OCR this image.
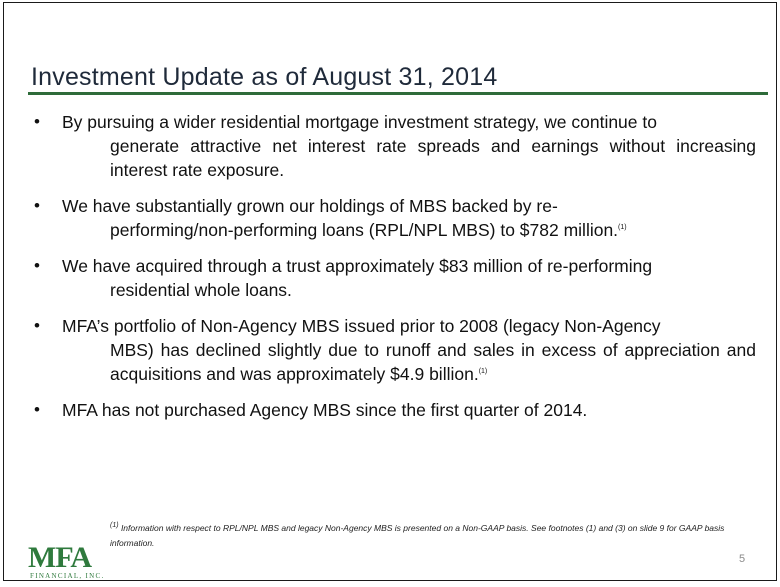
Investment Update as of August 31, 2014
• By pursuing a wider residential mortgage investment strategy, we continue to
generate attractive net interest rate spreads and earnings without increasing interest rate exposure.
• We have substantially grown our holdings of MBS backed by re-
performing/non-performing loans (RPL/NPL MBS) to $782 million.$^{(1)}$
• We have acquired through a trust approximately $83 million of re-performing
residential whole loans.
• MFA’s portfolio of Non-Agency MBS issued prior to 2008 (legacy Non-Agency
MBS) has declined slightly due to runoff and sales in excess of appreciation and acquisitions and was approximately $4.9 billion.$^{(1)}$
• MFA has not purchased Agency MBS since the first quarter of 2014.
$^{(1)}$ Information with respect to RPL/NPL MBS and legacy Non-Agency MBS is presented on a Non-GAAP basis. See footnotes (1) and (3) on slide 9 for GAAP basis information.
MFA
FINANCIAL, INC.
5
